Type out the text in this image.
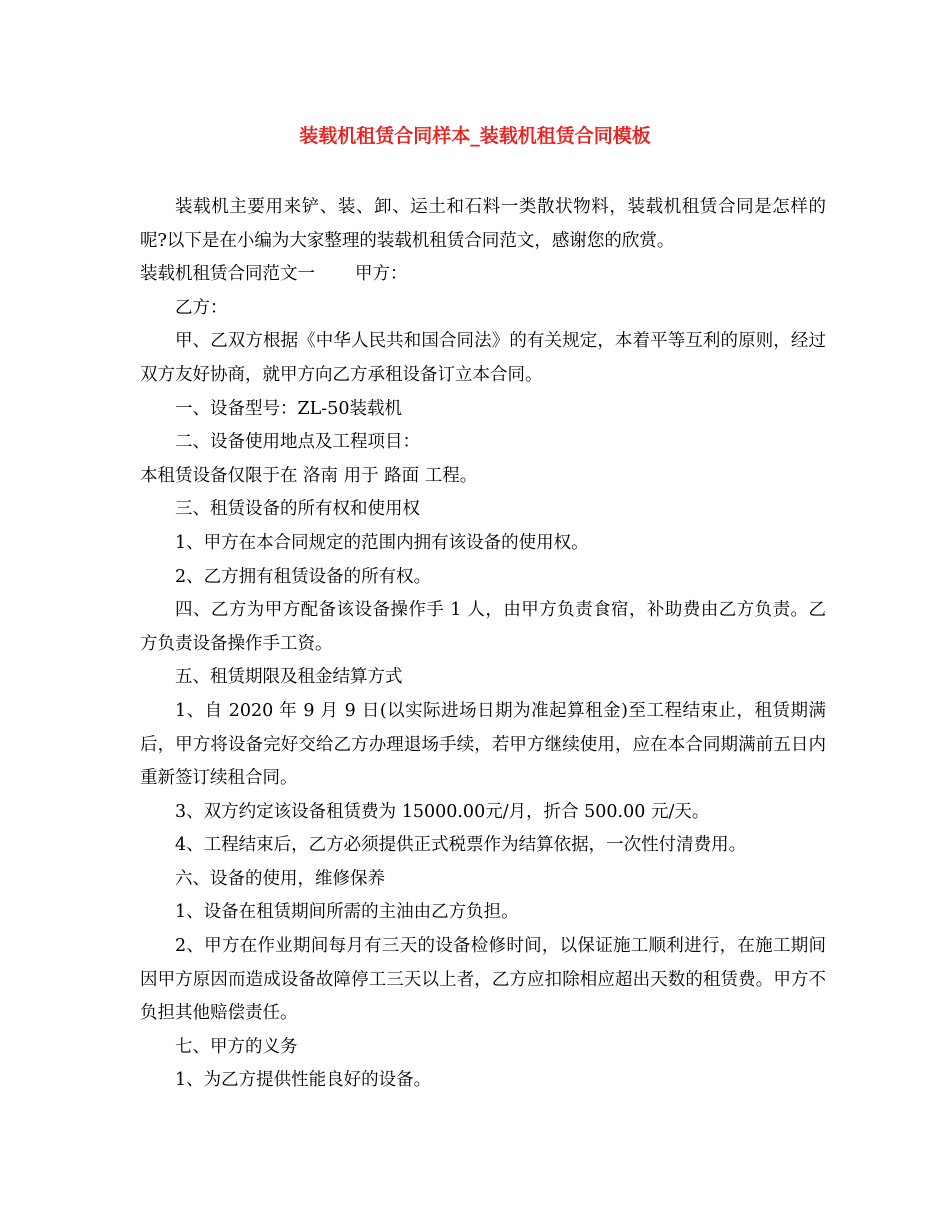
装载机租赁合同样本_装载机租赁合同模板

装载机主要用来铲、装、卸、运土和石料一类散状物料，装载机租赁合同是怎样的呢?以下是在小编为大家整理的装载机租赁合同范文，感谢您的欣赏。

装载机租赁合同范文一 甲方：

乙方：

甲、乙双方根据《中华人民共和国合同法》的有关规定，本着平等互利的原则，经过双方友好协商，就甲方向乙方承租设备订立本合同。

一、设备型号：ZL-50装载机

二、设备使用地点及工程项目：

本租赁设备仅限于在 洛南 用于 路面 工程。

三、租赁设备的所有权和使用权

1、甲方在本合同规定的范围内拥有该设备的使用权。

2、乙方拥有租赁设备的所有权。

四、乙方为甲方配备该设备操作手 1 人，由甲方负责食宿，补助费由乙方负责。乙方负责设备操作手工资。

五、租赁期限及租金结算方式

1、自 2020 年 9 月 9 日(以实际进场日期为准起算租金)至工程结束止，租赁期满后，甲方将设备完好交给乙方办理退场手续，若甲方继续使用，应在本合同期满前五日内重新签订续租合同。

3、双方约定该设备租赁费为 15000.00元/月，折合 500.00 元/天。

4、工程结束后，乙方必须提供正式税票作为结算依据，一次性付清费用。

六、设备的使用，维修保养

1、设备在租赁期间所需的主油由乙方负担。

2、甲方在作业期间每月有三天的设备检修时间，以保证施工顺利进行，在施工期间因甲方原因而造成设备故障停工三天以上者，乙方应扣除相应超出天数的租赁费。甲方不负担其他赔偿责任。

七、甲方的义务

1、为乙方提供性能良好的设备。
